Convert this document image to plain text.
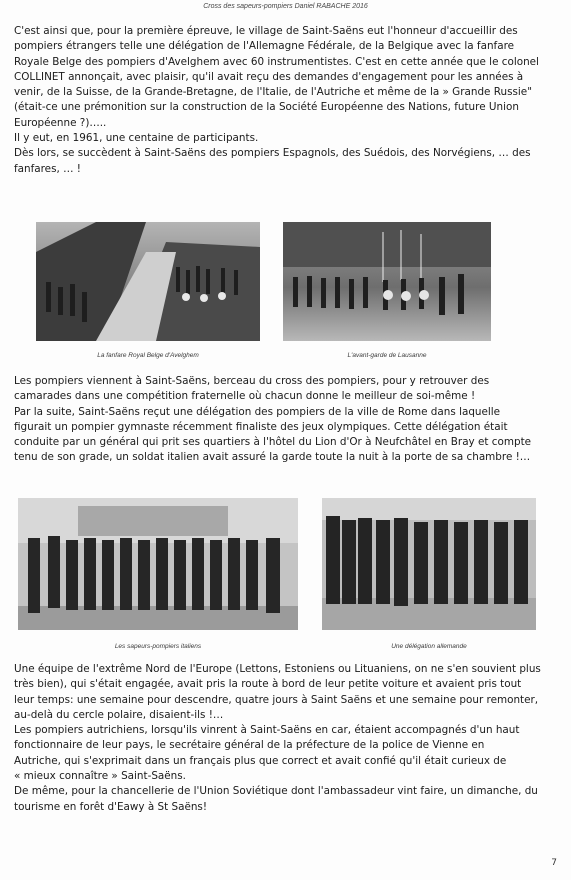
Cross des sapeurs-pompiers Daniel RABACHE 2016
C'est ainsi que, pour la première épreuve, le village de Saint-Saëns eut l'honneur d'accueillir des
pompiers étrangers telle une délégation de l'Allemagne Fédérale, de la Belgique avec la fanfare
Royale Belge des pompiers d'Avelghem avec 60 instrumentistes. C'est en cette année que le colonel
COLLINET annonçait, avec plaisir, qu'il avait reçu des demandes d'engagement pour les années à
venir, de la Suisse, de la Grande-Bretagne, de l'Italie, de l'Autriche et même de la » Grande Russie"
(était-ce une prémonition sur la construction de la Société Européenne des Nations, future Union
Européenne ?)…..
Il y eut, en 1961, une centaine de participants.
Dès lors, se succèdent à Saint-Saëns des pompiers Espagnols, des Suédois, des Norvégiens, … des
fanfares, … !
La fanfare Royal Belge d'Avelghem	L'avant-garde de Lausanne
Les pompiers viennent à Saint-Saëns, berceau du cross des pompiers, pour y retrouver des
camarades dans une compétition fraternelle où chacun donne le meilleur de soi-même !
Par la suite, Saint-Saëns reçut une délégation des pompiers de la ville de Rome dans laquelle
figurait un pompier gymnaste récemment finaliste des jeux olympiques. Cette délégation était
conduite par un général qui prit ses quartiers à l'hôtel du Lion d'Or à Neufchâtel en Bray et compte
tenu de son grade, un soldat italien avait assuré la garde toute la nuit à la porte de sa chambre !…
Les sapeurs-pompiers italiens	Une délégation allemande
Une équipe de l'extrême Nord de l'Europe (Lettons, Estoniens ou Lituaniens, on ne s'en souvient plus
très bien), qui s'était engagée, avait pris la route à bord de leur petite voiture et avaient pris tout
leur temps: une semaine pour descendre, quatre jours à Saint Saëns et une semaine pour remonter,
au-delà du cercle polaire, disaient-ils !…
Les pompiers autrichiens, lorsqu'ils vinrent à Saint-Saëns en car, étaient accompagnés d'un haut
fonctionnaire de leur pays, le secrétaire général de la préfecture de la police de Vienne en
Autriche, qui s'exprimait dans un français plus que correct et avait confié qu'il était curieux de
« mieux connaître » Saint-Saëns.
De même, pour la chancellerie de l'Union Soviétique dont l'ambassadeur vint faire, un dimanche, du
tourisme en forêt d'Eawy à St Saëns!
7
